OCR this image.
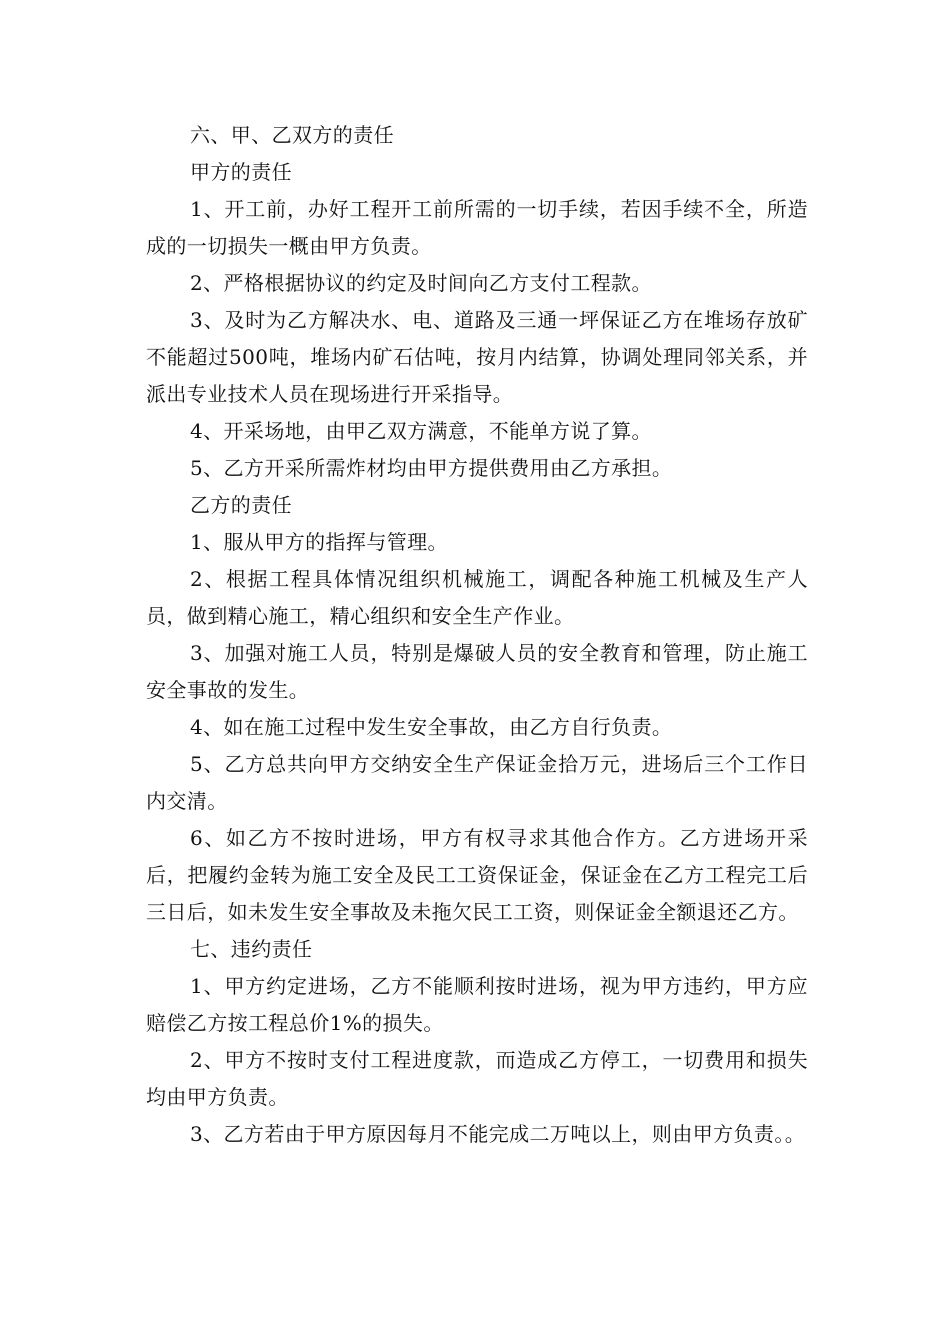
六、甲、乙双方的责任

甲方的责任

1、开工前，办好工程开工前所需的一切手续，若因手续不全，所造成的一切损失一概由甲方负责。

2、严格根据协议的约定及时间向乙方支付工程款。

3、及时为乙方解决水、电、道路及三通一坪保证乙方在堆场存放矿不能超过500吨，堆场内矿石估吨，按月内结算，协调处理同邻关系，并派出专业技术人员在现场进行开采指导。

4、开采场地，由甲乙双方满意，不能单方说了算。

5、乙方开采所需炸材均由甲方提供费用由乙方承担。

乙方的责任

1、服从甲方的指挥与管理。

2、根据工程具体情况组织机械施工，调配各种施工机械及生产人员，做到精心施工，精心组织和安全生产作业。

3、加强对施工人员，特别是爆破人员的安全教育和管理，防止施工安全事故的发生。

4、如在施工过程中发生安全事故，由乙方自行负责。

5、乙方总共向甲方交纳安全生产保证金拾万元，进场后三个工作日内交清。

6、如乙方不按时进场，甲方有权寻求其他合作方。乙方进场开采后，把履约金转为施工安全及民工工资保证金，保证金在乙方工程完工后三日后，如未发生安全事故及未拖欠民工工资，则保证金全额退还乙方。

七、违约责任

1、甲方约定进场，乙方不能顺利按时进场，视为甲方违约，甲方应赔偿乙方按工程总价1%的损失。

2、甲方不按时支付工程进度款，而造成乙方停工，一切费用和损失均由甲方负责。

3、乙方若由于甲方原因每月不能完成二万吨以上，则由甲方负责。。
